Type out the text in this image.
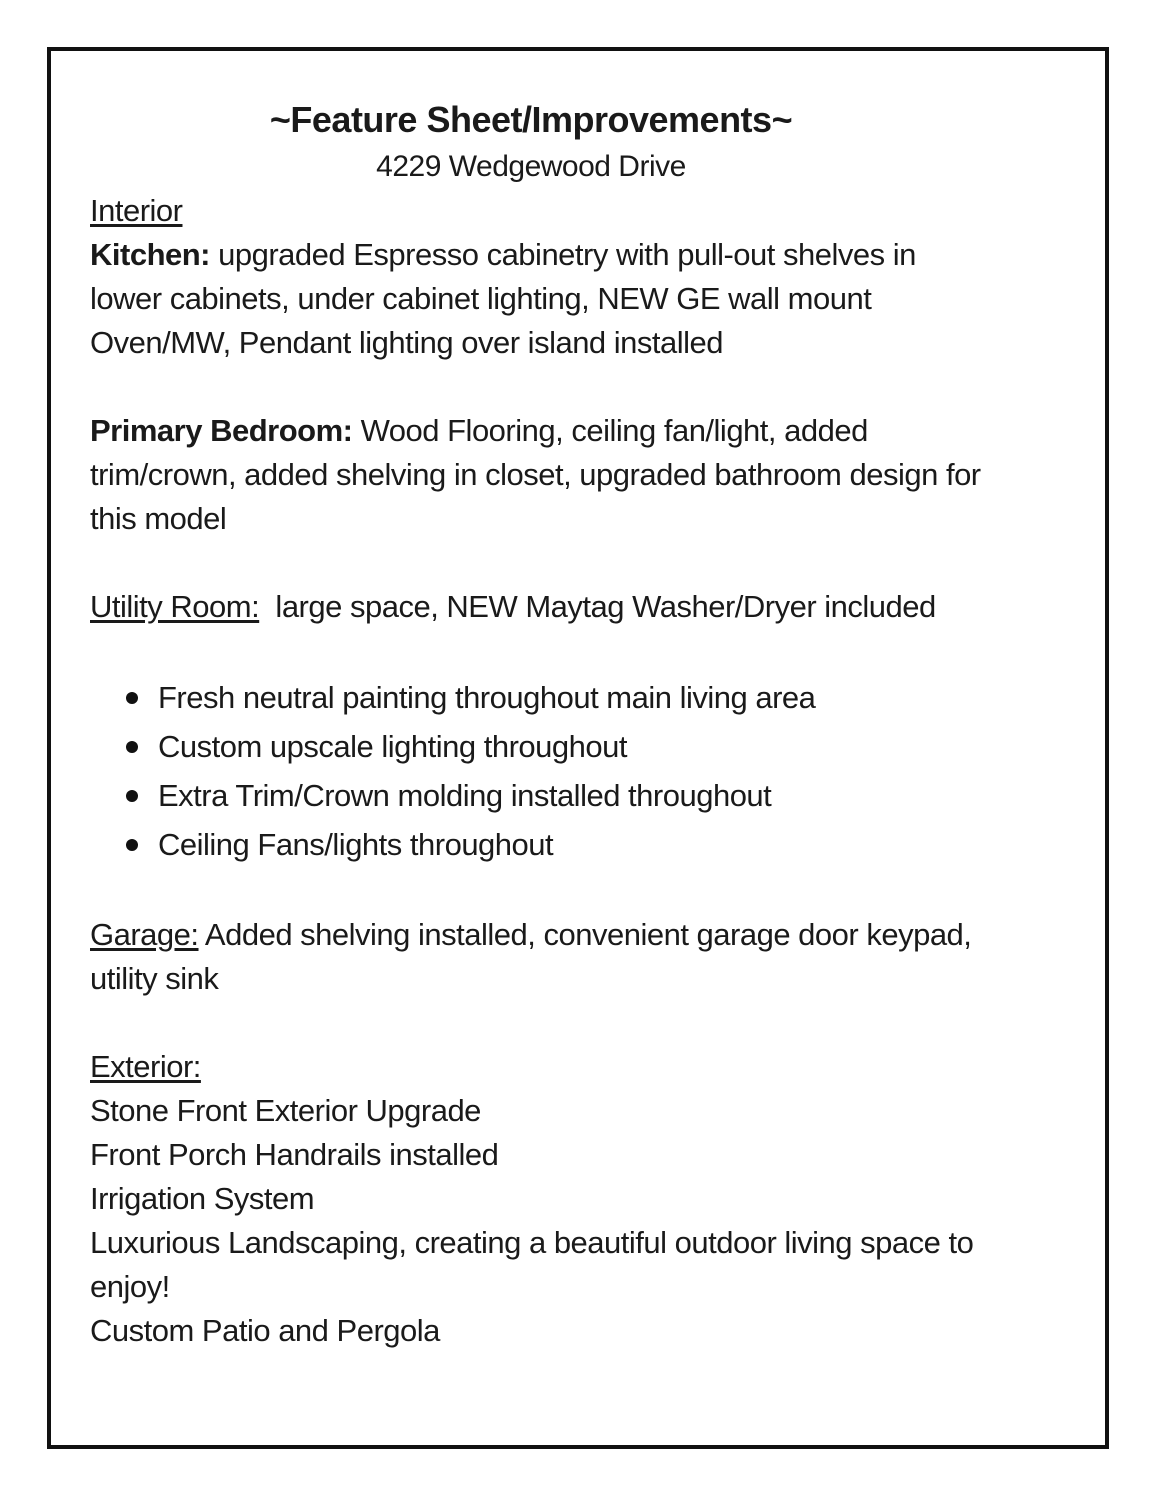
~Feature Sheet/Improvements~

4229 Wedgewood Drive

Interior

Kitchen: upgraded Espresso cabinetry with pull-out shelves in lower cabinets, under cabinet lighting, NEW GE wall mount Oven/MW, Pendant lighting over island installed

Primary Bedroom: Wood Flooring, ceiling fan/light, added trim/crown, added shelving in closet, upgraded bathroom design for this model

Utility Room:  large space, NEW Maytag Washer/Dryer included

Fresh neutral painting throughout main living area
Custom upscale lighting throughout
Extra Trim/Crown molding installed throughout
Ceiling Fans/lights throughout

Garage: Added shelving installed, convenient garage door keypad, utility sink

Exterior:

Stone Front Exterior Upgrade
Front Porch Handrails installed
Irrigation System
Luxurious Landscaping, creating a beautiful outdoor living space to enjoy!
Custom Patio and Pergola
